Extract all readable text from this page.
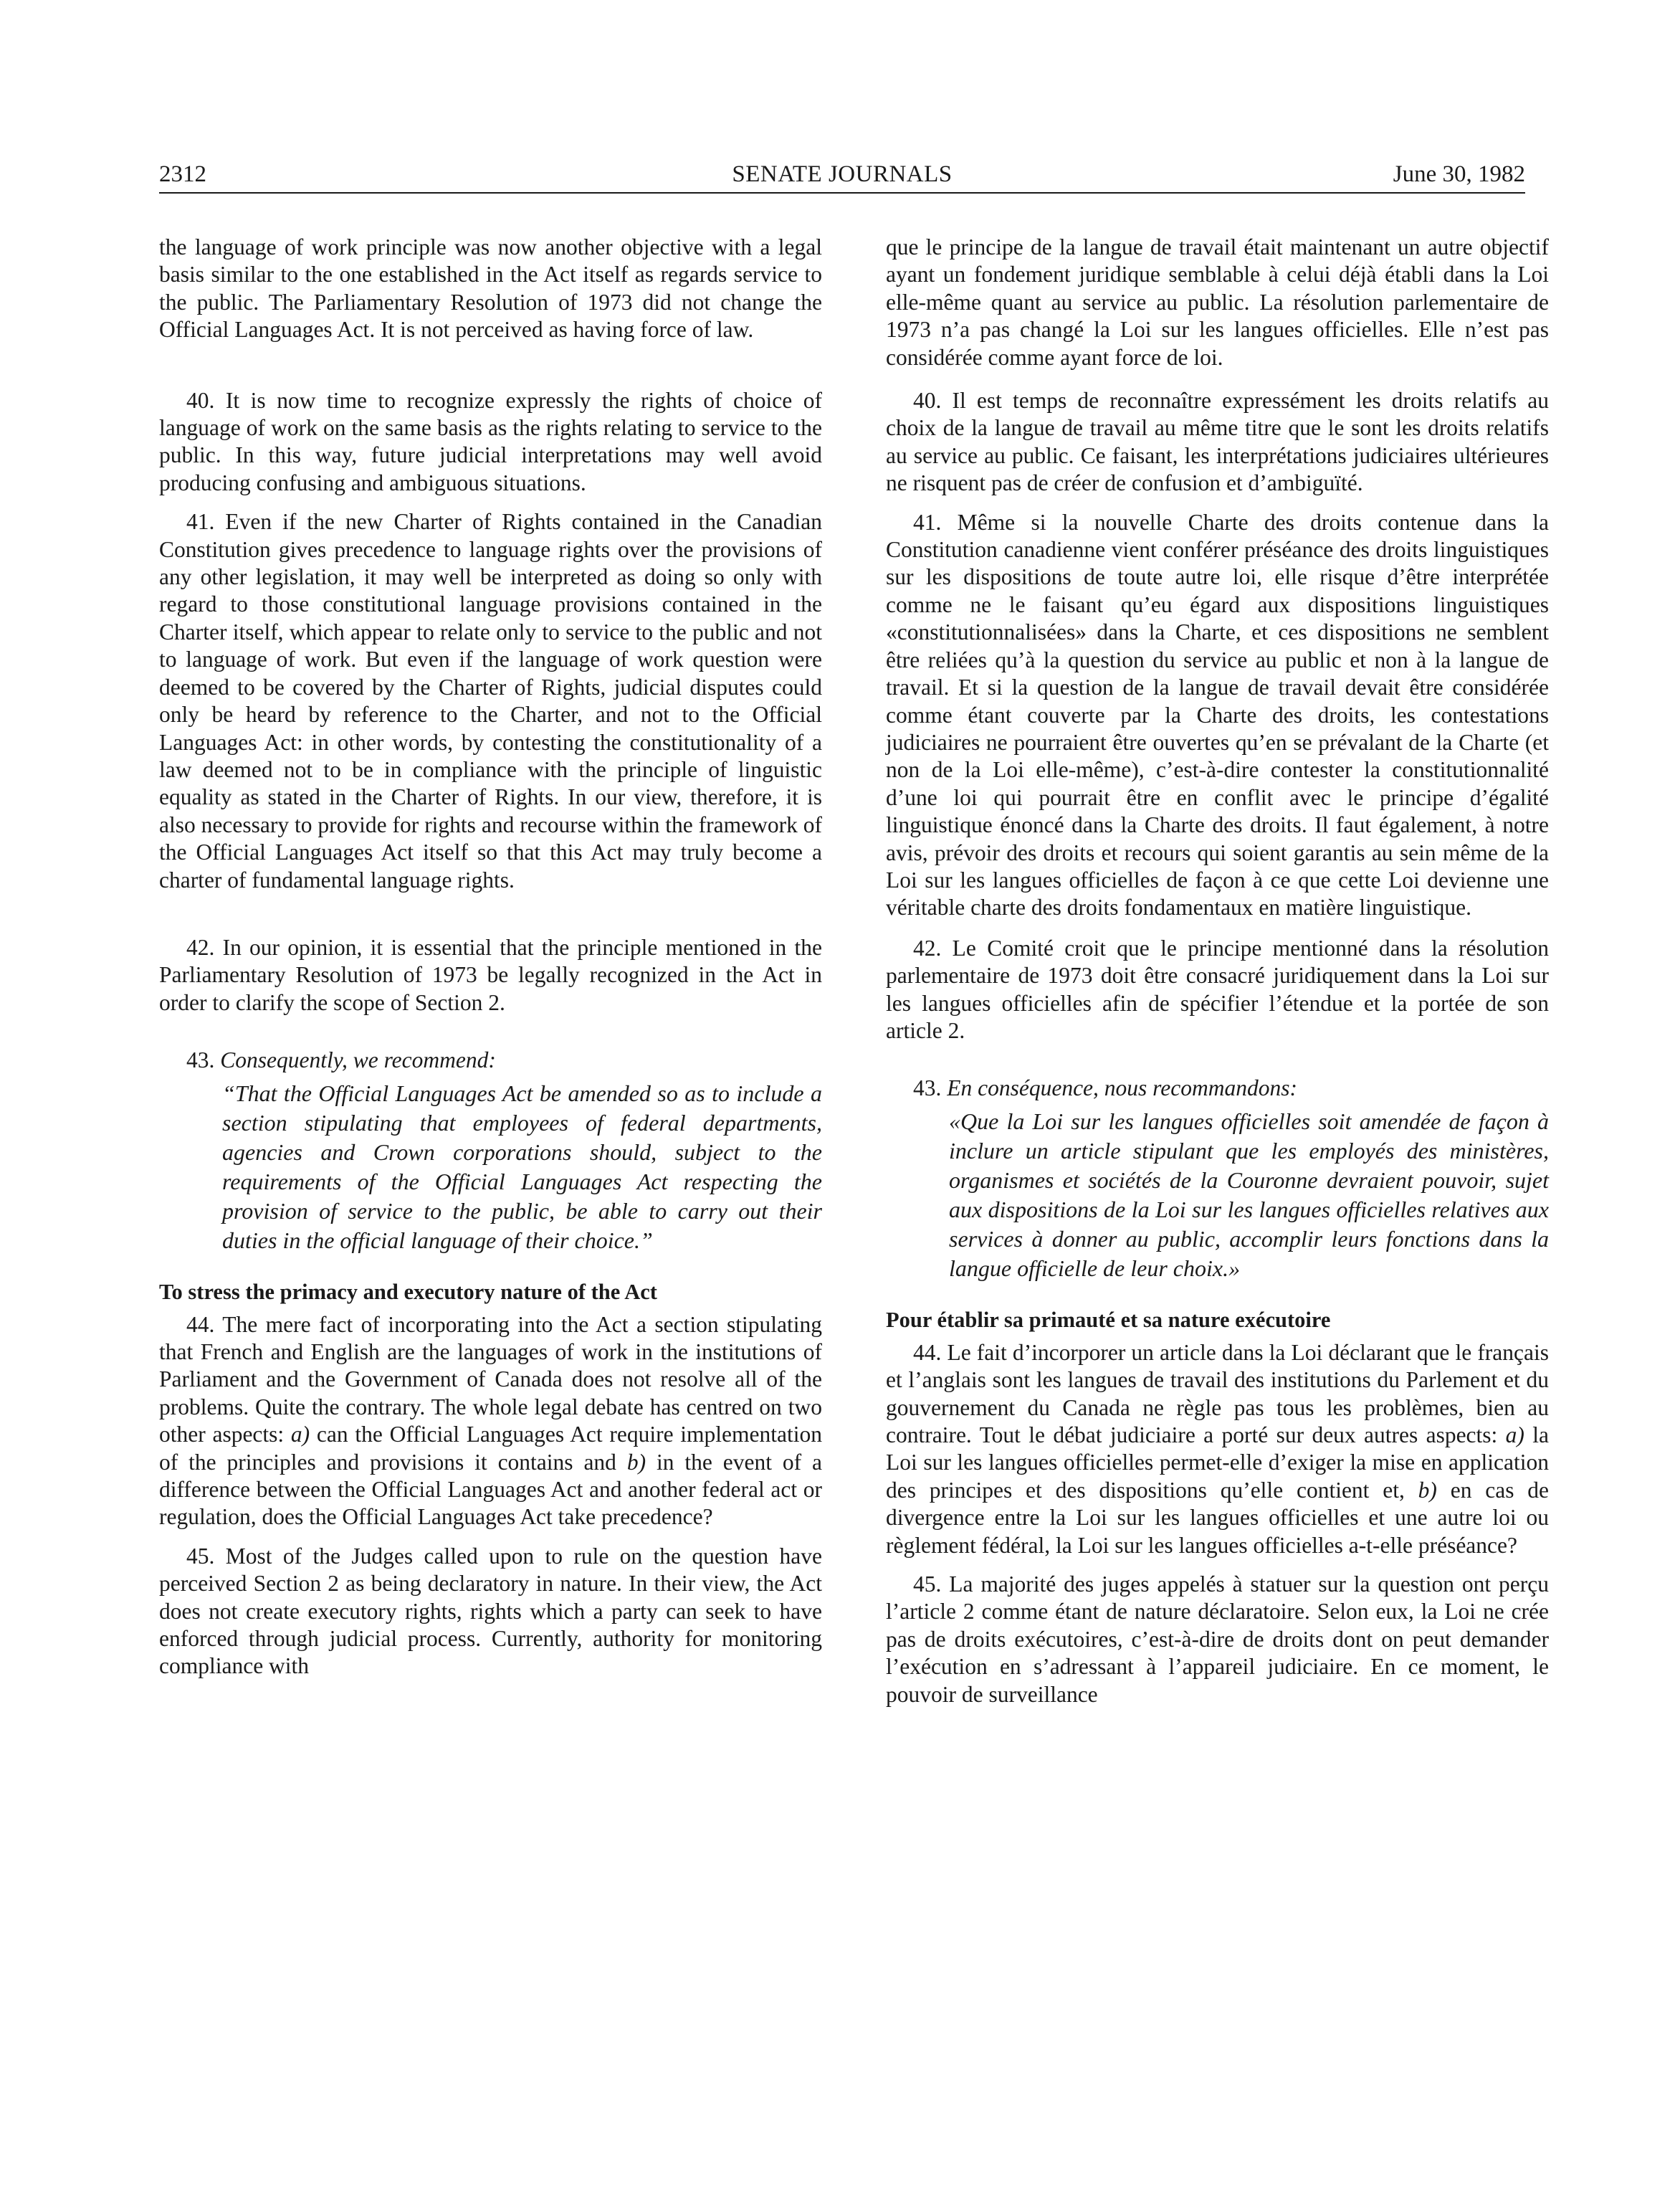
2312	SENATE JOURNALS	June 30, 1982

the language of work principle was now another objective with a legal basis similar to the one established in the Act itself as regards service to the public. The Parliamentary Resolution of 1973 did not change the Official Languages Act. It is not perceived as having force of law.

40. It is now time to recognize expressly the rights of choice of language of work on the same basis as the rights relating to service to the public. In this way, future judicial interpretations may well avoid producing confusing and ambiguous situations.

41. Even if the new Charter of Rights contained in the Canadian Constitution gives precedence to language rights over the provisions of any other legislation, it may well be interpreted as doing so only with regard to those constitutional language provisions contained in the Charter itself, which appear to relate only to service to the public and not to language of work. But even if the language of work question were deemed to be covered by the Charter of Rights, judicial disputes could only be heard by reference to the Charter, and not to the Official Languages Act: in other words, by contesting the constitutionality of a law deemed not to be in compliance with the principle of linguistic equality as stated in the Charter of Rights. In our view, therefore, it is also necessary to provide for rights and recourse within the framework of the Official Languages Act itself so that this Act may truly become a charter of fundamental language rights.

42. In our opinion, it is essential that the principle mentioned in the Parliamentary Resolution of 1973 be legally recognized in the Act in order to clarify the scope of Section 2.

43. Consequently, we recommend:

“That the Official Languages Act be amended so as to include a section stipulating that employees of federal departments, agencies and Crown corporations should, subject to the requirements of the Official Languages Act respecting the provision of service to the public, be able to carry out their duties in the official language of their choice.”

To stress the primacy and executory nature of the Act

44. The mere fact of incorporating into the Act a section stipulating that French and English are the languages of work in the institutions of Parliament and the Government of Canada does not resolve all of the problems. Quite the contrary. The whole legal debate has centred on two other aspects: a) can the Official Languages Act require implementation of the principles and provisions it contains and b) in the event of a difference between the Official Languages Act and another federal act or regulation, does the Official Languages Act take precedence?

45. Most of the Judges called upon to rule on the question have perceived Section 2 as being declaratory in nature. In their view, the Act does not create executory rights, rights which a party can seek to have enforced through judicial process. Currently, authority for monitoring compliance with

que le principe de la langue de travail était maintenant un autre objectif ayant un fondement juridique semblable à celui déjà établi dans la Loi elle-même quant au service au public. La résolution parlementaire de 1973 n’a pas changé la Loi sur les langues officielles. Elle n’est pas considérée comme ayant force de loi.

40. Il est temps de reconnaître expressément les droits relatifs au choix de la langue de travail au même titre que le sont les droits relatifs au service au public. Ce faisant, les interprétations judiciaires ultérieures ne risquent pas de créer de confusion et d’ambiguïté.

41. Même si la nouvelle Charte des droits contenue dans la Constitution canadienne vient conférer préséance des droits linguistiques sur les dispositions de toute autre loi, elle risque d’être interprétée comme ne le faisant qu’eu égard aux dispositions linguistiques «constitutionnalisées» dans la Charte, et ces dispositions ne semblent être reliées qu’à la question du service au public et non à la langue de travail. Et si la question de la langue de travail devait être considérée comme étant couverte par la Charte des droits, les contestations judiciaires ne pourraient être ouvertes qu’en se prévalant de la Charte (et non de la Loi elle-même), c’est-à-dire contester la constitutionnalité d’une loi qui pourrait être en conflit avec le principe d’égalité linguistique énoncé dans la Charte des droits. Il faut également, à notre avis, prévoir des droits et recours qui soient garantis au sein même de la Loi sur les langues officielles de façon à ce que cette Loi devienne une véritable charte des droits fondamentaux en matière linguistique.

42. Le Comité croit que le principe mentionné dans la résolution parlementaire de 1973 doit être consacré juridiquement dans la Loi sur les langues officielles afin de spécifier l’étendue et la portée de son article 2.

43. En conséquence, nous recommandons:

«Que la Loi sur les langues officielles soit amendée de façon à inclure un article stipulant que les employés des ministères, organismes et sociétés de la Couronne devraient pouvoir, sujet aux dispositions de la Loi sur les langues officielles relatives aux services à donner au public, accomplir leurs fonctions dans la langue officielle de leur choix.»

Pour établir sa primauté et sa nature exécutoire

44. Le fait d’incorporer un article dans la Loi déclarant que le français et l’anglais sont les langues de travail des institutions du Parlement et du gouvernement du Canada ne règle pas tous les problèmes, bien au contraire. Tout le débat judiciaire a porté sur deux autres aspects: a) la Loi sur les langues officielles permet-elle d’exiger la mise en application des principes et des dispositions qu’elle contient et, b) en cas de divergence entre la Loi sur les langues officielles et une autre loi ou règlement fédéral, la Loi sur les langues officielles a-t-elle préséance?

45. La majorité des juges appelés à statuer sur la question ont perçu l’article 2 comme étant de nature déclaratoire. Selon eux, la Loi ne crée pas de droits exécutoires, c’est-à-dire de droits dont on peut demander l’exécution en s’adressant à l’appareil judiciaire. En ce moment, le pouvoir de surveillance
